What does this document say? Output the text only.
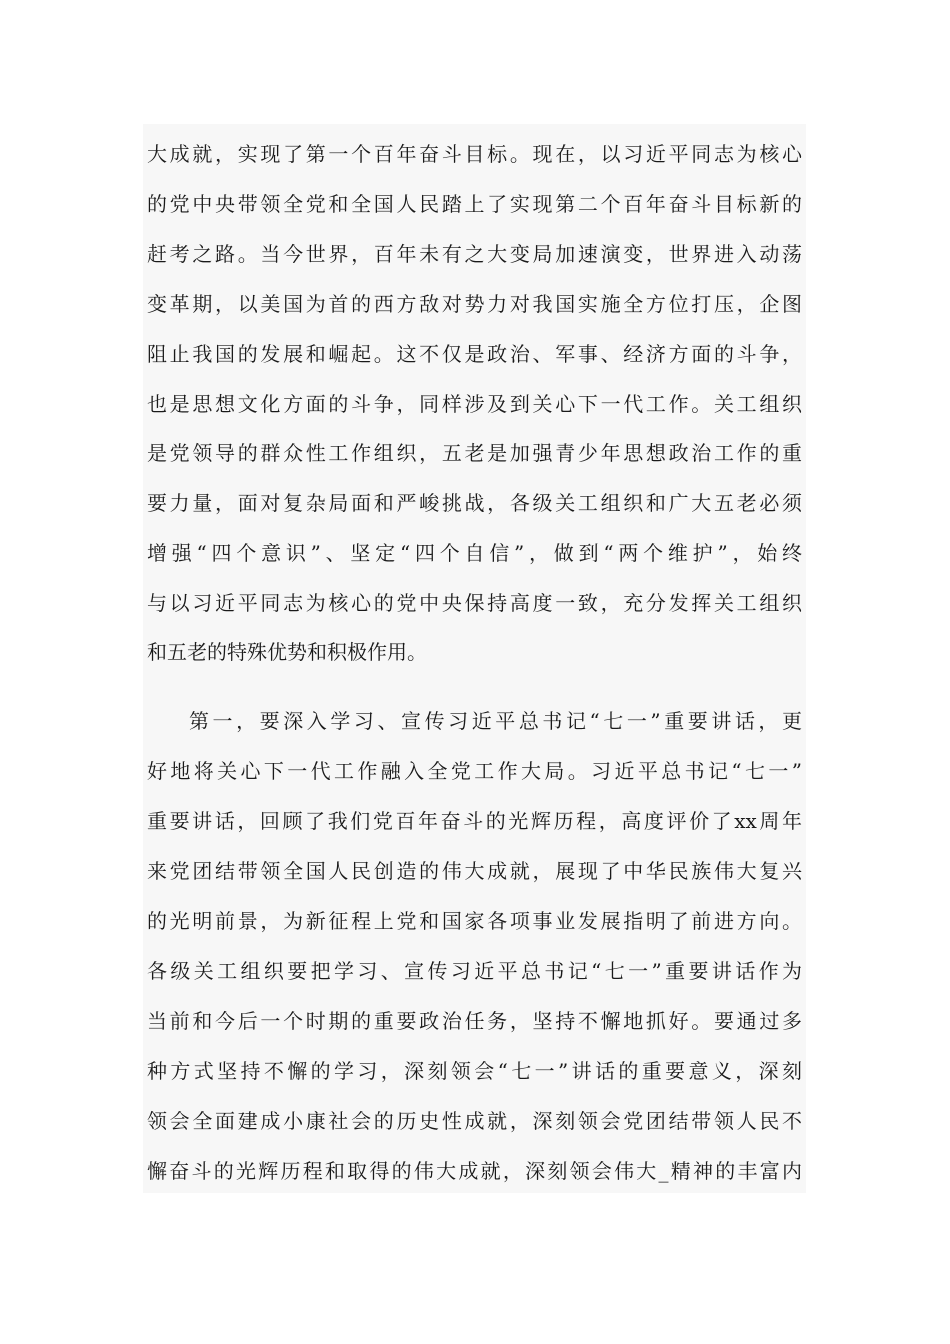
大成就，实现了第一个百年奋斗目标。现在，以习近平同志为核心
的党中央带领全党和全国人民踏上了实现第二个百年奋斗目标新的
赶考之路。当今世界，百年未有之大变局加速演变，世界进入动荡
变革期，以美国为首的西方敌对势力对我国实施全方位打压，企图
阻止我国的发展和崛起。这不仅是政治、军事、经济方面的斗争，
也是思想文化方面的斗争，同样涉及到关心下一代工作。关工组织
是党领导的群众性工作组织，五老是加强青少年思想政治工作的重
要力量，面对复杂局面和严峻挑战，各级关工组织和广大五老必须
增强“四个意识”、坚定“四个自信”，做到“两个维护”，始终
与以习近平同志为核心的党中央保持高度一致，充分发挥关工组织
和五老的特殊优势和积极作用。
第一，要深入学习、宣传习近平总书记“七一”重要讲话，更
好地将关心下一代工作融入全党工作大局。习近平总书记“七一”
重要讲话，回顾了我们党百年奋斗的光辉历程，高度评价了xx周年
来党团结带领全国人民创造的伟大成就，展现了中华民族伟大复兴
的光明前景，为新征程上党和国家各项事业发展指明了前进方向。
各级关工组织要把学习、宣传习近平总书记“七一”重要讲话作为
当前和今后一个时期的重要政治任务，坚持不懈地抓好。要通过多
种方式坚持不懈的学习，深刻领会“七一”讲话的重要意义，深刻
领会全面建成小康社会的历史性成就，深刻领会党团结带领人民不
懈奋斗的光辉历程和取得的伟大成就，深刻领会伟大_精神的丰富内
